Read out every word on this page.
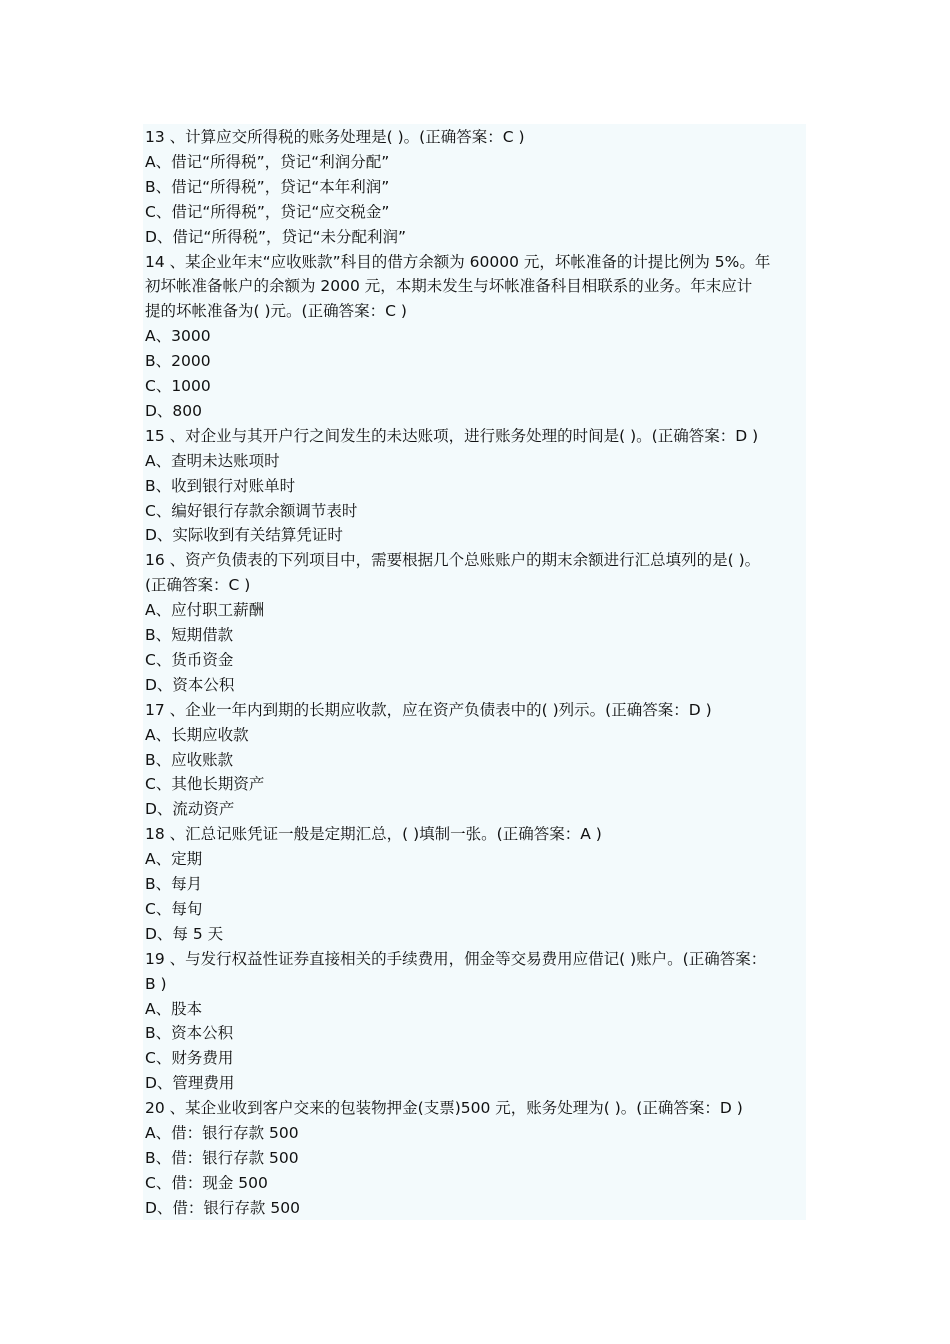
13 、计算应交所得税的账务处理是( )。(正确答案：C )
A、借记“所得税”，贷记“利润分配”
B、借记“所得税”，贷记“本年利润”
C、借记“所得税”，贷记“应交税金”
D、借记“所得税”，贷记“未分配利润”
14 、某企业年末“应收账款”科目的借方余额为 60000 元，坏帐准备的计提比例为 5%。年
初坏帐准备帐户的余额为 2000 元，本期未发生与坏帐准备科目相联系的业务。年末应计
提的坏帐准备为( )元。(正确答案：C )
A、3000
B、2000
C、1000
D、800
15 、对企业与其开户行之间发生的未达账项，进行账务处理的时间是( )。(正确答案：D )
A、查明未达账项时
B、收到银行对账单时
C、编好银行存款余额调节表时
D、实际收到有关结算凭证时
16 、资产负债表的下列项目中，需要根据几个总账账户的期末余额进行汇总填列的是( )。
(正确答案：C )
A、应付职工薪酬
B、短期借款
C、货币资金
D、资本公积
17 、企业一年内到期的长期应收款，应在资产负债表中的( )列示。(正确答案：D )
A、长期应收款
B、应收账款
C、其他长期资产
D、流动资产
18 、汇总记账凭证一般是定期汇总，( )填制一张。(正确答案：A )
A、定期
B、每月
C、每旬
D、每 5 天
19 、与发行权益性证券直接相关的手续费用，佣金等交易费用应借记( )账户。(正确答案：
B )
A、股本
B、资本公积
C、财务费用
D、管理费用
20 、某企业收到客户交来的包装物押金(支票)500 元，账务处理为( )。(正确答案：D )
A、借：银行存款 500
B、借：银行存款 500
C、借：现金 500
D、借：银行存款 500
